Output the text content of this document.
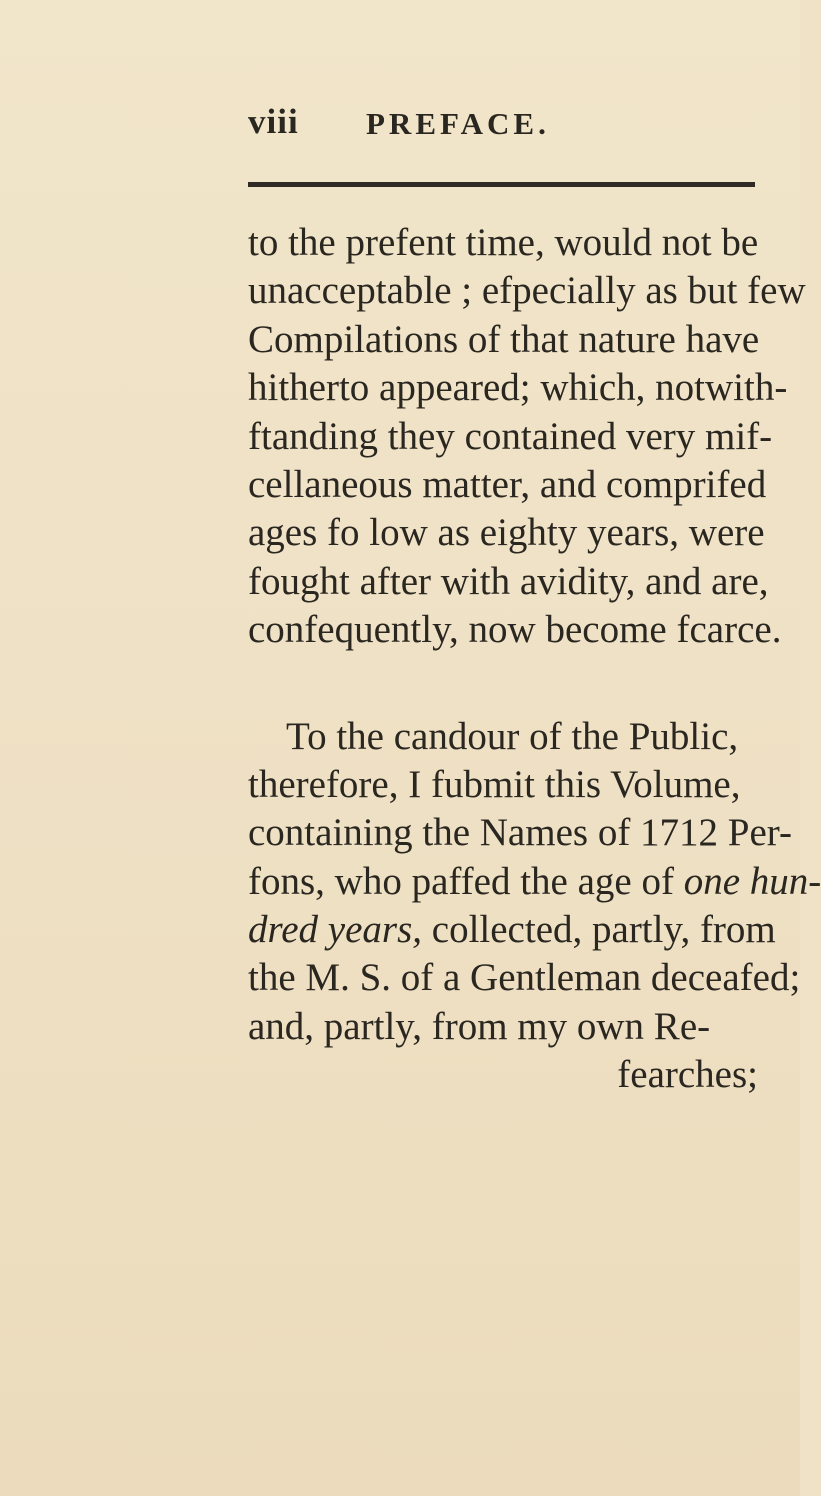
viii PREFACE.
to the prefent time, would not be
unacceptable ; efpecially as but few
Compilations of that nature have
hitherto appeared; which, notwith-
ftanding they contained very mif-
cellaneous matter, and comprifed
ages fo low as eighty years, were
fought after with avidity, and are,
confequently, now become fcarce.
To the candour of the Public,
therefore, I fubmit this Volume,
containing the Names of 1712 Per-
fons, who paffed the age of one hun-
dred years, collected, partly, from
the M. S. of a Gentleman deceafed;
and, partly, from my own Re-
fearches;
